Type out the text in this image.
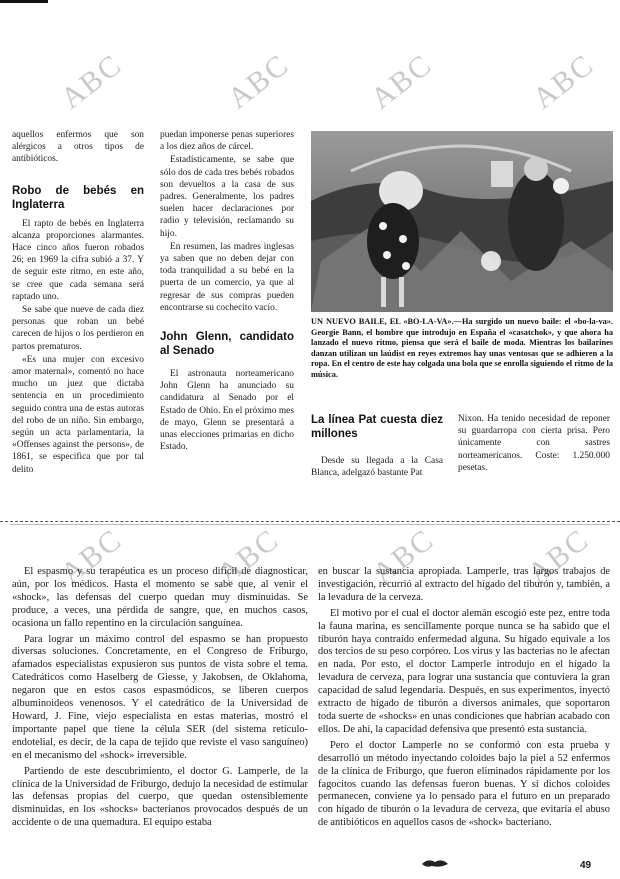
ABC	ABC ABC	ABC
ABC	ABC	ABC	ABC

aquellos enfermos que son alérgicos a otros tipos de antibióticos.

Robo de bebés en Inglaterra

El rapto de bebés en Inglaterra alcanza proporciones alarmantes. Hace cinco años fueron robados 26; en 1969 la cifra subió a 37. Y de seguir este ritmo, en este año, se cree que cada semana será raptado uno.

Se sabe que nueve de cada diez personas que roban un bebé carecen de hijos o los perdieron en partos prematuros.

«Es una mujer con excesivo amor maternal», comentó no hace mucho un juez que dictaba sentencia en un procedimiento seguido contra una de estas autoras del robo de un niño. Sin embargo, según un acta parlamentaria, la «Offenses against the persons», de 1861, se especifica que por tal delito

puedan imponerse penas superiores a los diez años de cárcel.

Estadísticamente, se sabe que sólo dos de cada tres bebés robados son devueltos a la casa de sus padres. Generalmente, los padres suelen hacer declaraciones por radio y televisión, reclamando su hijo.

En resumen, las madres inglesas ya saben que no deben dejar con toda tranquilidad a su bebé en la puerta de un comercio, ya que al regresar de sus compras pueden encontrarse su cochecito vacío.

John Glenn, candidato al Senado

El astronauta norteamericano John Glenn ha anunciado su candidatura al Senado por el Estado de Ohio. En el próximo mes de mayo, Glenn se presentará a unas elecciones primarias en dicho Estado.

UN NUEVO BAILE, EL «BO-LA-VA».—Ha surgido un nuevo baile: el «bo-la-va». Georgie Bann, el hombre que introdujo en España el «casatchok», y que ahora ha lanzado el nuevo ritmo, piensa que será el baile de moda. Mientras los bailarines danzan utilizan un laúdist en reyes extremos hay unas ventosas que se adhieren a la ropa. En el centro de este hay colgada una bola que se enrolla siguiendo el ritmo de la música.
La línea Pat cuesta diez millones

Desde su llegada a la Casa Blanca, adelgazó bastante Pat

Nixon. Ha tenido necesidad de reponer su guardarropa con cierta prisa. Pero únicamente con sastres norteamericanos. Coste: 1.250.000 pesetas.

El espasmo y su terapéutica es un proceso difícil de diagnosticar, aún, por los médicos. Hasta el momento se sabe que, al venir el «shock», las defensas del cuerpo quedan muy disminuidas. Se produce, a veces, una pérdida de sangre, que, en muchos casos, ocasiona un fallo repentino en la circulación sanguínea.

Para lograr un máximo control del espasmo se han propuesto diversas soluciones. Concretamente, en el Congreso de Friburgo, afamados especialistas expusieron sus puntos de vista sobre el tema. Catedráticos como Haselberg de Giesse, y Jakobsen, de Oklahoma, negaron que en estos casos espasmódicos, se liberen cuerpos albuminoideos venenosos. Y el catedrático de la Universidad de Howard, J. Fine, viejo especialista en estas materias, mostró el importante papel que tiene la célula SER (del sistema retículo-endotelial, es decir, de la capa de tejido que reviste el vaso sanguíneo) en el mecanismo del «shock» irreversible.

Partiendo de este descubrimiento, el doctor G. Lamperle, de la clínica de la Universidad de Friburgo, dedujo la necesidad de estimular las defensas propias del cuerpo, que quedan ostensiblemente disminuidas, en los «shocks» bacterianos provocados después de un accidente o de una quemadura. El equipo estaba

en buscar la sustancia apropiada. Lamperle, tras largos trabajos de investigación, recurrió al extracto del hígado del tiburón y, también, a la levadura de la cerveza.

El motivo por el cual el doctor alemán escogió este pez, entre toda la fauna marina, es sencillamente porque nunca se ha sabido que el tiburón haya contraído enfermedad alguna. Su hígado equivale a los dos tercios de su peso corpóreo. Los virus y las bacterias no le afectan en nada. Por esto, el doctor Lamperle introdujo en el hígado la levadura de cerveza, para lograr una sustancia que contuviera la gran capacidad de salud legendaria. Después, en sus experimentos, inyectó extracto de hígado de tiburón a diversos animales, que soportaron toda suerte de «shocks» en unas condiciones que habrían acabado con ellos. De ahí, la capacidad defensiva que presentó esta sustancia.

Pero el doctor Lamperle no se conformó con esta prueba y desarrolló un método inyectando coloides bajo la piel a 52 enfermos de la clínica de Friburgo, que fueron eliminados rápidamente por los fagocitos cuando las defensas fueron buenas. Y si dichos coloides permanecen, conviene ya lo pensado para el futuro en un preparado con hígado de tiburón o la levadura de cerveza, que evitaría el abuso de antibióticos en aquellos casos de «shock» bacteriano.

49
